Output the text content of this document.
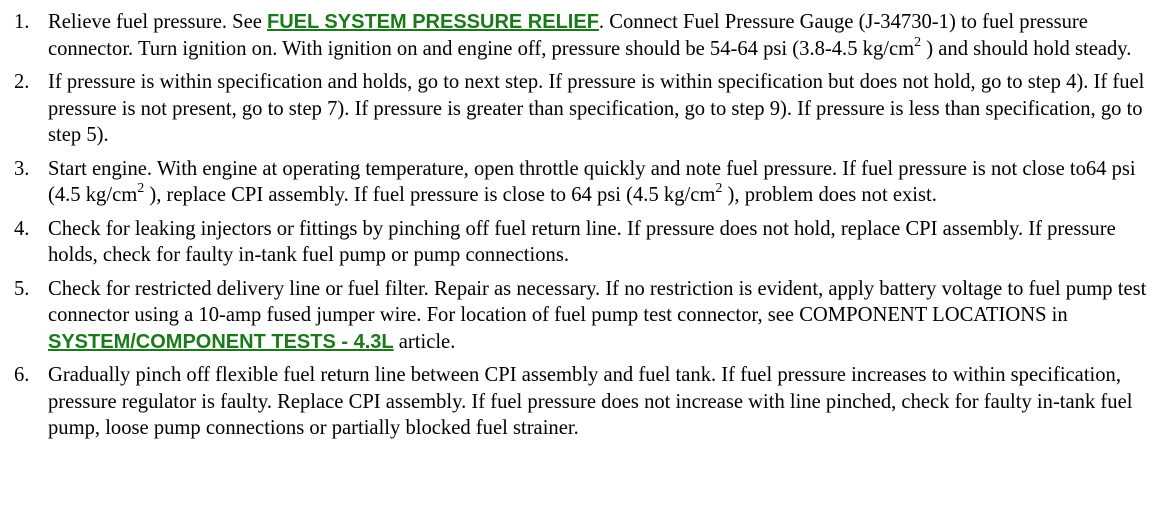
1. Relieve fuel pressure. See FUEL SYSTEM PRESSURE RELIEF. Connect Fuel Pressure Gauge (J-34730-1) to fuel pressure connector. Turn ignition on. With ignition on and engine off, pressure should be 54-64 psi (3.8-4.5 $kg/cm^2$ ) and should hold steady.
2. If pressure is within specification and holds, go to next step. If pressure is within specification but does not hold, go to step 4). If fuel pressure is not present, go to step 7). If pressure is greater than specification, go to step 9). If pressure is less than specification, go to step 5).
3. Start engine. With engine at operating temperature, open throttle quickly and note fuel pressure. If fuel pressure is not close to64 psi (4.5 $kg/cm^2$ ), replace CPI assembly. If fuel pressure is close to 64 psi (4.5 $kg/cm^2$ ), problem does not exist.
4. Check for leaking injectors or fittings by pinching off fuel return line. If pressure does not hold, replace CPI assembly. If pressure holds, check for faulty in-tank fuel pump or pump connections.
5. Check for restricted delivery line or fuel filter. Repair as necessary. If no restriction is evident, apply battery voltage to fuel pump test connector using a 10-amp fused jumper wire. For location of fuel pump test connector, see COMPONENT LOCATIONS in SYSTEM/COMPONENT TESTS - 4.3L article.
6. Gradually pinch off flexible fuel return line between CPI assembly and fuel tank. If fuel pressure increases to within specification, pressure regulator is faulty. Replace CPI assembly. If fuel pressure does not increase with line pinched, check for faulty in-tank fuel pump, loose pump connections or partially blocked fuel strainer.
